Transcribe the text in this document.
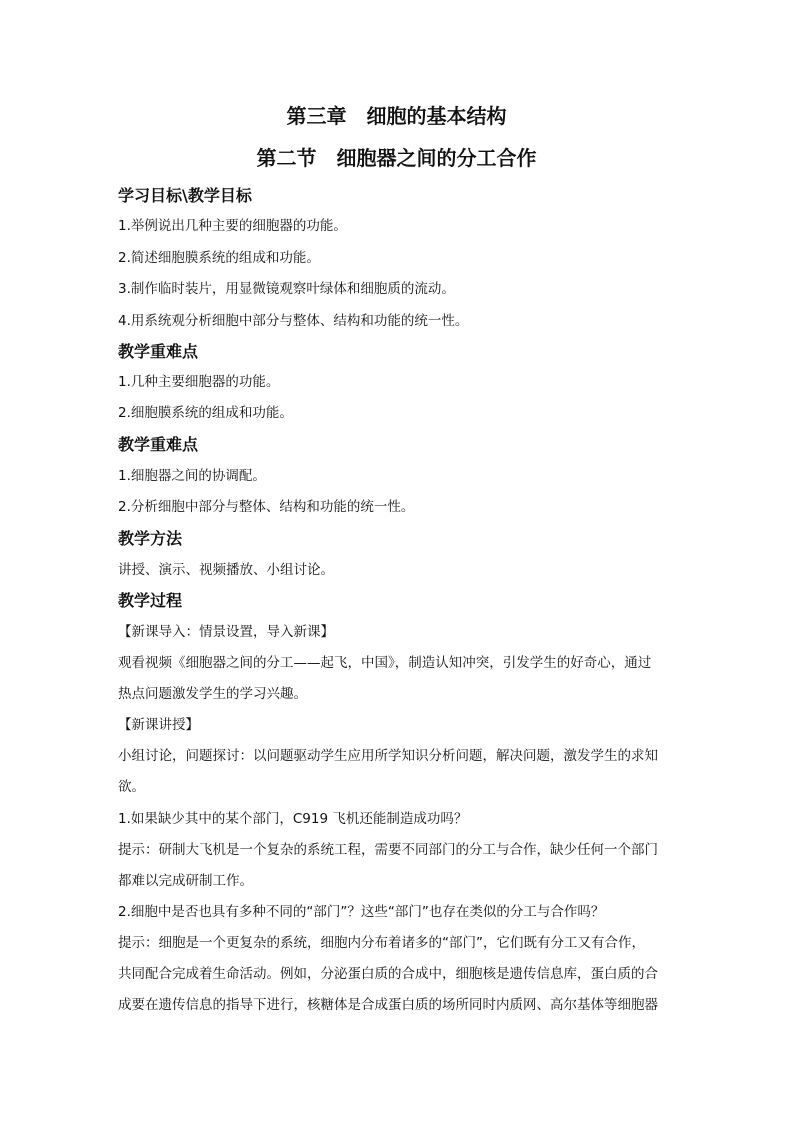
第三章　细胞的基本结构
第二节　细胞器之间的分工合作
学习目标\教学目标
1.举例说出几种主要的细胞器的功能。
2.简述细胞膜系统的组成和功能。
3.制作临时装片，用显微镜观察叶绿体和细胞质的流动。
4.用系统观分析细胞中部分与整体、结构和功能的统一性。
教学重难点
1.几种主要细胞器的功能。
2.细胞膜系统的组成和功能。
教学重难点
1.细胞器之间的协调配。
2.分析细胞中部分与整体、结构和功能的统一性。
教学方法
讲授、演示、视频播放、小组讨论。
教学过程
【新课导入：情景设置，导入新课】
观看视频《细胞器之间的分工——起飞，中国》，制造认知冲突，引发学生的好奇心，通过
热点问题激发学生的学习兴趣。
【新课讲授】
小组讨论，问题探讨：以问题驱动学生应用所学知识分析问题，解决问题，激发学生的求知
欲。
1.如果缺少其中的某个部门，C919 飞机还能制造成功吗？
提示：研制大飞机是一个复杂的系统工程，需要不同部门的分工与合作，缺少任何一个部门
都难以完成研制工作。
2.细胞中是否也具有多种不同的“部门”？这些“部门”也存在类似的分工与合作吗？
提示：细胞是一个更复杂的系统，细胞内分布着诸多的“部门”，它们既有分工又有合作，
共同配合完成着生命活动。例如，分泌蛋白质的合成中，细胞核是遗传信息库，蛋白质的合
成要在遗传信息的指导下进行，核糖体是合成蛋白质的场所同时内质网、高尔基体等细胞器
